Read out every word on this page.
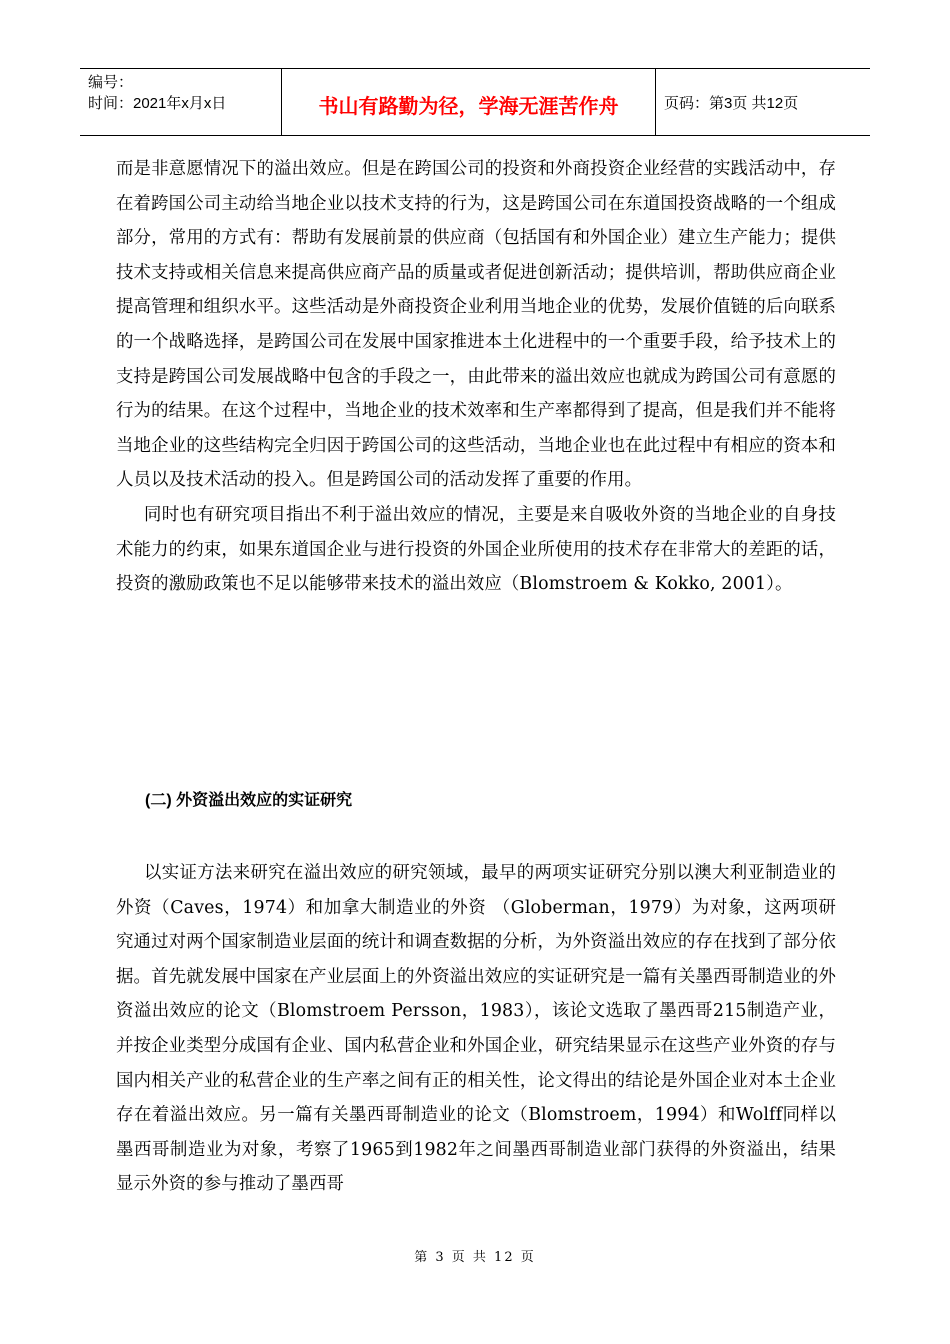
编号：
时间：2021年x月x日	书山有路勤为径，学海无涯苦作舟	页码：第3页 共12页

而是非意愿情况下的溢出效应。但是在跨国公司的投资和外商投资企业经营的实践活动中，存在着跨国公司主动给当地企业以技术支持的行为，这是跨国公司在东道国投资战略的一个组成部分，常用的方式有：帮助有发展前景的供应商（包括国有和外国企业）建立生产能力；提供技术支持或相关信息来提高供应商产品的质量或者促进创新活动；提供培训，帮助供应商企业提高管理和组织水平。这些活动是外商投资企业利用当地企业的优势，发展价值链的后向联系的一个战略选择，是跨国公司在发展中国家推进本土化进程中的一个重要手段，给予技术上的支持是跨国公司发展战略中包含的手段之一，由此带来的溢出效应也就成为跨国公司有意愿的行为的结果。在这个过程中，当地企业的技术效率和生产率都得到了提高，但是我们并不能将当地企业的这些结构完全归因于跨国公司的这些活动，当地企业也在此过程中有相应的资本和人员以及技术活动的投入。但是跨国公司的活动发挥了重要的作用。

同时也有研究项目指出不利于溢出效应的情况，主要是来自吸收外资的当地企业的自身技术能力的约束，如果东道国企业与进行投资的外国企业所使用的技术存在非常大的差距的话，投资的激励政策也不足以能够带来技术的溢出效应（Blomstroem & Kokko, 2001）。

(二) 外资溢出效应的实证研究

以实证方法来研究在溢出效应的研究领域，最早的两项实证研究分别以澳大利亚制造业的外资（Caves，1974）和加拿大制造业的外资 （Globerman，1979）为对象，这两项研究通过对两个国家制造业层面的统计和调查数据的分析，为外资溢出效应的存在找到了部分依据。首先就发展中国家在产业层面上的外资溢出效应的实证研究是一篇有关墨西哥制造业的外资溢出效应的论文（Blomstroem Persson，1983），该论文选取了墨西哥215制造产业，并按企业类型分成国有企业、国内私营企业和外国企业，研究结果显示在这些产业外资的存与国内相关产业的私营企业的生产率之间有正的相关性，论文得出的结论是外国企业对本土企业存在着溢出效应。另一篇有关墨西哥制造业的论文（Blomstroem，1994）和Wolff同样以墨西哥制造业为对象，考察了1965到1982年之间墨西哥制造业部门获得的外资溢出，结果显示外资的参与推动了墨西哥

第 3 页 共 12 页
